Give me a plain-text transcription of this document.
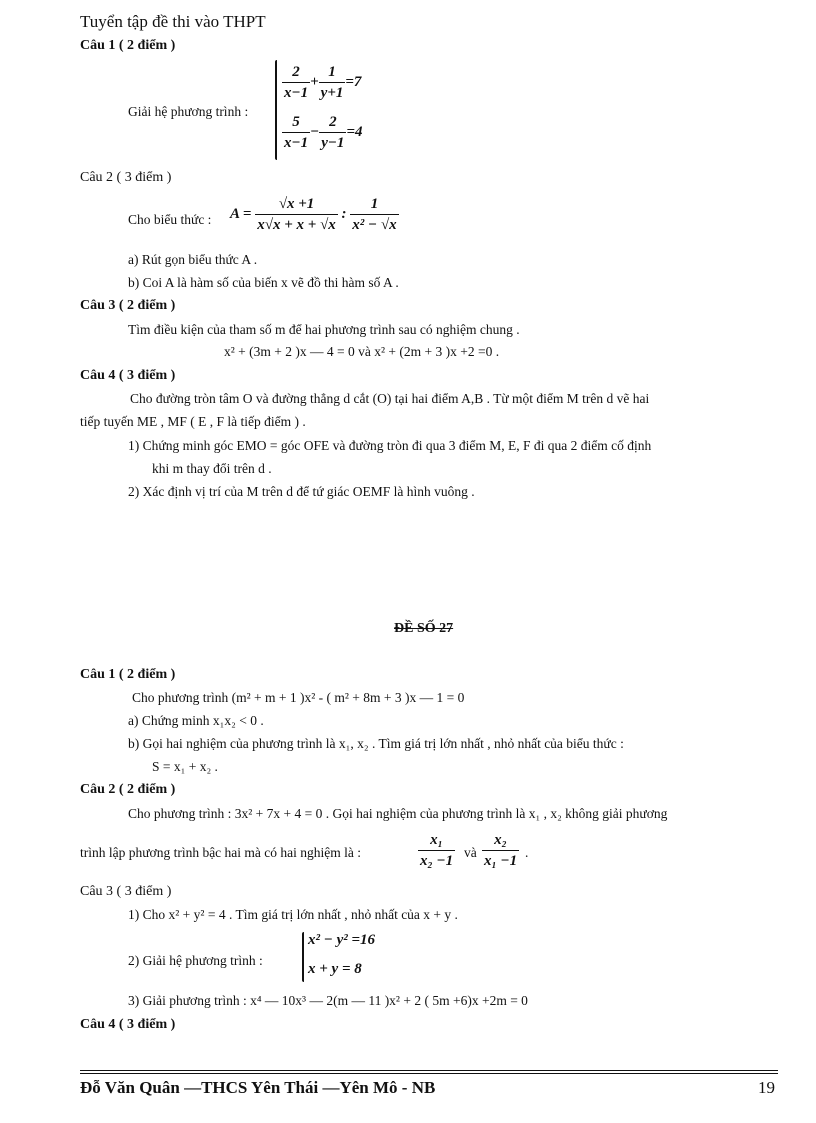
Tuyển tập đề thi vào THPT
Câu 1 ( 2 điểm )
Giải hệ phương trình :
$\frac{2}{x-1} + \frac{1}{y+1} =7$
$\frac{5}{x-1} - \frac{2}{y-1} =4$
Câu 2 ( 3 điểm )
Cho biểu thức : $A = \frac{√x +1}{x√x + x + √x}$ : $\frac{1}{\text{x² − √x}}$
a) Rút gọn biểu thức A .
b) Coi A là hàm số của biến x vẽ đồ thi hàm số A .
Câu 3 ( 2 điểm )
Tìm điều kiện của tham số m để hai phương trình sau có nghiệm chung .
x² + (3m + 2 )x — 4 = 0 và x² + (2m + 3 )x +2 =0 .
Câu 4 ( 3 điểm )
Cho đường tròn tâm O và đường thẳng d cắt (O) tại hai điểm A,B . Từ một điểm M trên d vẽ hai
tiếp tuyến ME , MF ( E , F là tiếp điểm ) .
1) Chứng minh góc EMO = góc OFE và đường tròn đi qua 3 điểm M, E, F đi qua 2 điểm cố định
khi m thay đổi trên d .
2) Xác định vị trí của M trên d để tứ giác OEMF là hình vuông .
ĐỀ SỐ 27
Câu 1 ( 2 điểm )
Cho phương trình (m² + m + 1 )x² - ( m² + 8m + 3 )x — 1 = 0
a) Chứng minh x₁x₂ < 0 .
b) Gọi hai nghiệm của phương trình là x₁, x₂ . Tìm giá trị lớn nhất , nhỏ nhất của biểu thức :
S = x₁ + x₂ .
Câu 2 ( 2 điểm )
Cho phương trình : 3x² + 7x + 4 = 0 . Gọi hai nghiệm của phương trình là x₁ , x₂ không giải phương
trình lập phương trình bậc hai mà có hai nghiệm là :	$\frac{\text{x₁}}{\text{x₂ −1}}$ và $\frac{\text{x₂}}{\text{x₁ −1}}$ .
Câu 3 ( 3 điểm )
1) Cho x² + y² = 4 . Tìm giá trị lớn nhất , nhỏ nhất của x + y .
2) Giải hệ phương trình :
x² − y² =16
x + y = 8
3) Giải phương trình : x⁴ — 10x³ — 2(m — 11 )x² + 2 ( 5m +6)x +2m = 0
Câu 4 ( 3 điểm )
Đỗ Văn Quân —THCS Yên Thái —Yên Mô - NB	19
